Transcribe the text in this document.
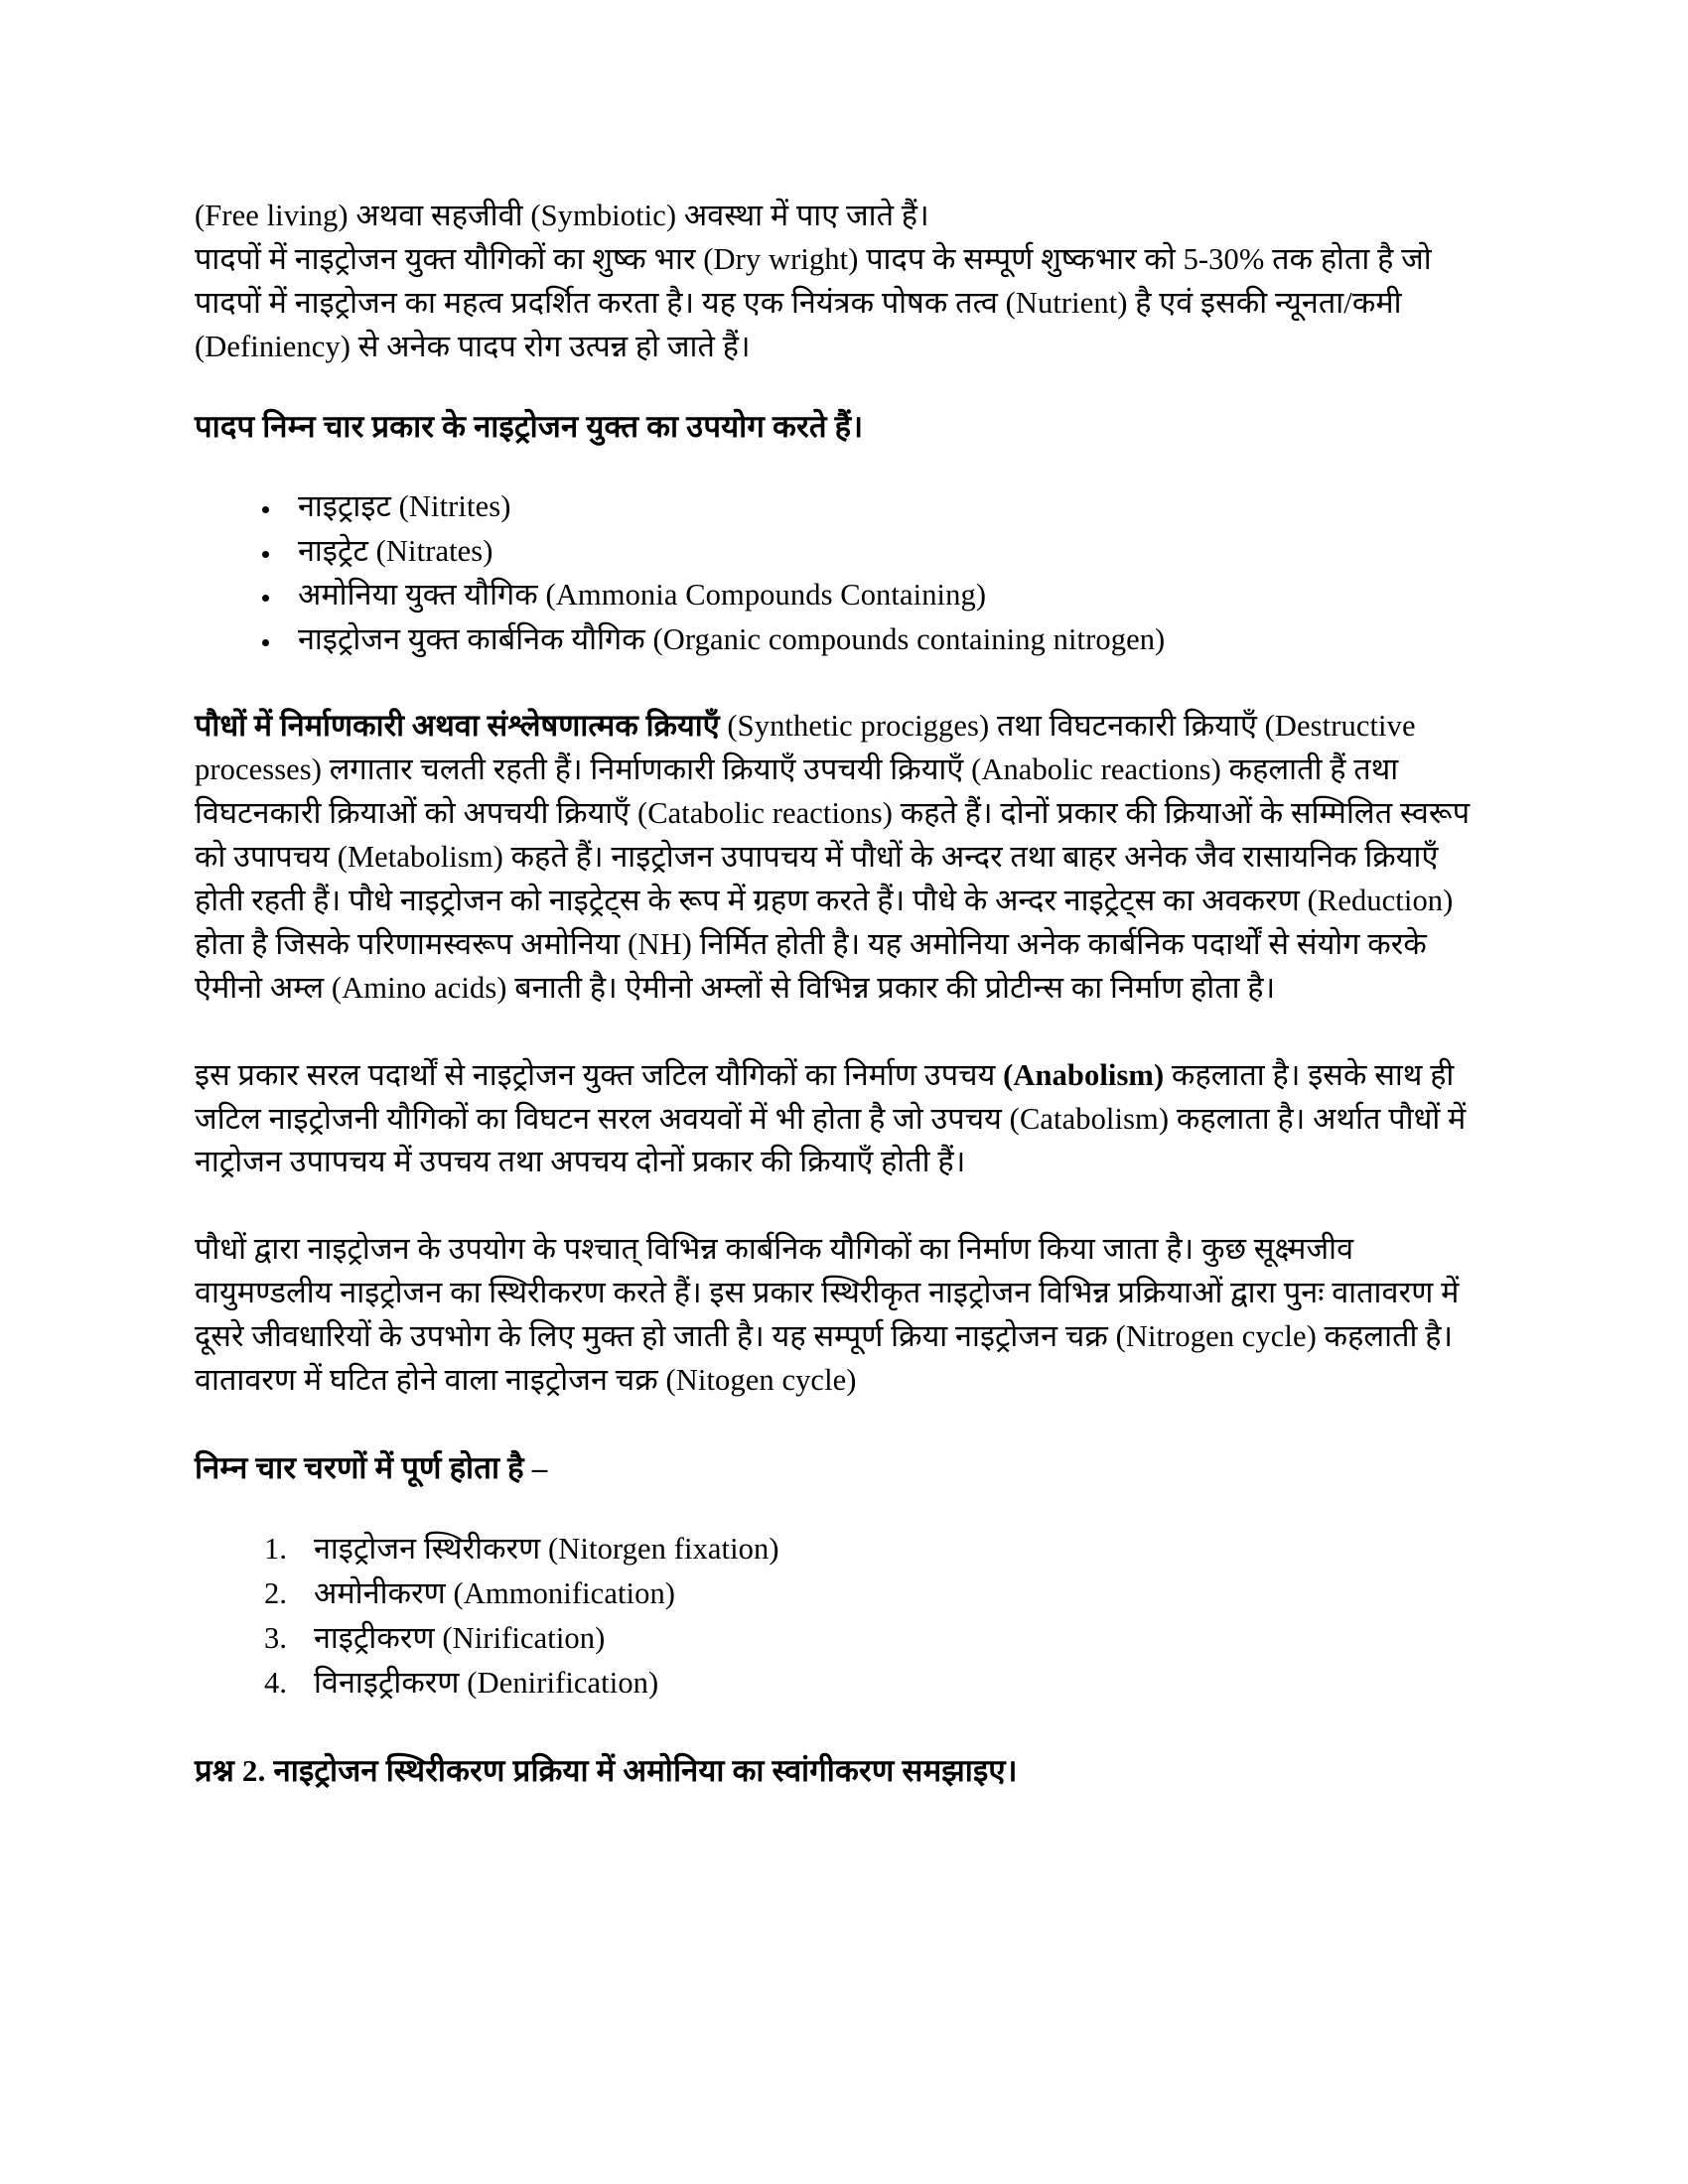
(Free living) अथवा सहजीवी (Symbiotic) अवस्था में पाए जाते हैं।

पादपों में नाइट्रोजन युक्त यौगिकों का शुष्क भार (Dry wright) पादप के सम्पूर्ण शुष्कभार को 5-30% तक होता है जो पादपों में नाइट्रोजन का महत्व प्रदर्शित करता है। यह एक नियंत्रक पोषक तत्व (Nutrient) है एवं इसकी न्यूनता/कमी (Definiency) से अनेक पादप रोग उत्पन्न हो जाते हैं।

पादप निम्न चार प्रकार के नाइट्रोजन युक्त का उपयोग करते हैं।

नाइट्राइट (Nitrites)
नाइट्रेट (Nitrates)
अमोनिया युक्त यौगिक (Ammonia Compounds Containing)
नाइट्रोजन युक्त कार्बनिक यौगिक (Organic compounds containing nitrogen)

पौधों में निर्माणकारी अथवा संश्लेषणात्मक क्रियाएँ (Synthetic procigges) तथा विघटनकारी क्रियाएँ (Destructive processes) लगातार चलती रहती हैं। निर्माणकारी क्रियाएँ उपचयी क्रियाएँ (Anabolic reactions) कहलाती हैं तथा विघटनकारी क्रियाओं को अपचयी क्रियाएँ (Catabolic reactions) कहते हैं। दोनों प्रकार की क्रियाओं के सम्मिलित स्वरूप को उपापचय (Metabolism) कहते हैं। नाइट्रोजन उपापचय में पौधों के अन्दर तथा बाहर अनेक जैव रासायनिक क्रियाएँ होती रहती हैं। पौधे नाइट्रोजन को नाइट्रेट्स के रूप में ग्रहण करते हैं। पौधे के अन्दर नाइट्रेट्स का अवकरण (Reduction) होता है जिसके परिणामस्वरूप अमोनिया (NH) निर्मित होती है। यह अमोनिया अनेक कार्बनिक पदार्थों से संयोग करके ऐमीनो अम्ल (Amino acids) बनाती है। ऐमीनो अम्लों से विभिन्न प्रकार की प्रोटीन्स का निर्माण होता है।

इस प्रकार सरल पदार्थों से नाइट्रोजन युक्त जटिल यौगिकों का निर्माण उपचय (Anabolism) कहलाता है। इसके साथ ही जटिल नाइट्रोजनी यौगिकों का विघटन सरल अवयवों में भी होता है जो उपचय (Catabolism) कहलाता है। अर्थात पौधों में नाट्रोजन उपापचय में उपचय तथा अपचय दोनों प्रकार की क्रियाएँ होती हैं।

पौधों द्वारा नाइट्रोजन के उपयोग के पश्चात् विभिन्न कार्बनिक यौगिकों का निर्माण किया जाता है। कुछ सूक्ष्मजीव वायुमण्डलीय नाइट्रोजन का स्थिरीकरण करते हैं। इस प्रकार स्थिरीकृत नाइट्रोजन विभिन्न प्रक्रियाओं द्वारा पुनः वातावरण में दूसरे जीवधारियों के उपभोग के लिए मुक्त हो जाती है। यह सम्पूर्ण क्रिया नाइट्रोजन चक्र (Nitrogen cycle) कहलाती है। वातावरण में घटित होने वाला नाइट्रोजन चक्र (Nitogen cycle)

निम्न चार चरणों में पूर्ण होता है –

नाइट्रोजन स्थिरीकरण (Nitorgen fixation)
अमोनीकरण (Ammonification)
नाइट्रीकरण (Nirification)
विनाइट्रीकरण (Denirification)

प्रश्न 2. नाइट्रोजन स्थिरीकरण प्रक्रिया में अमोनिया का स्वांगीकरण समझाइए।
